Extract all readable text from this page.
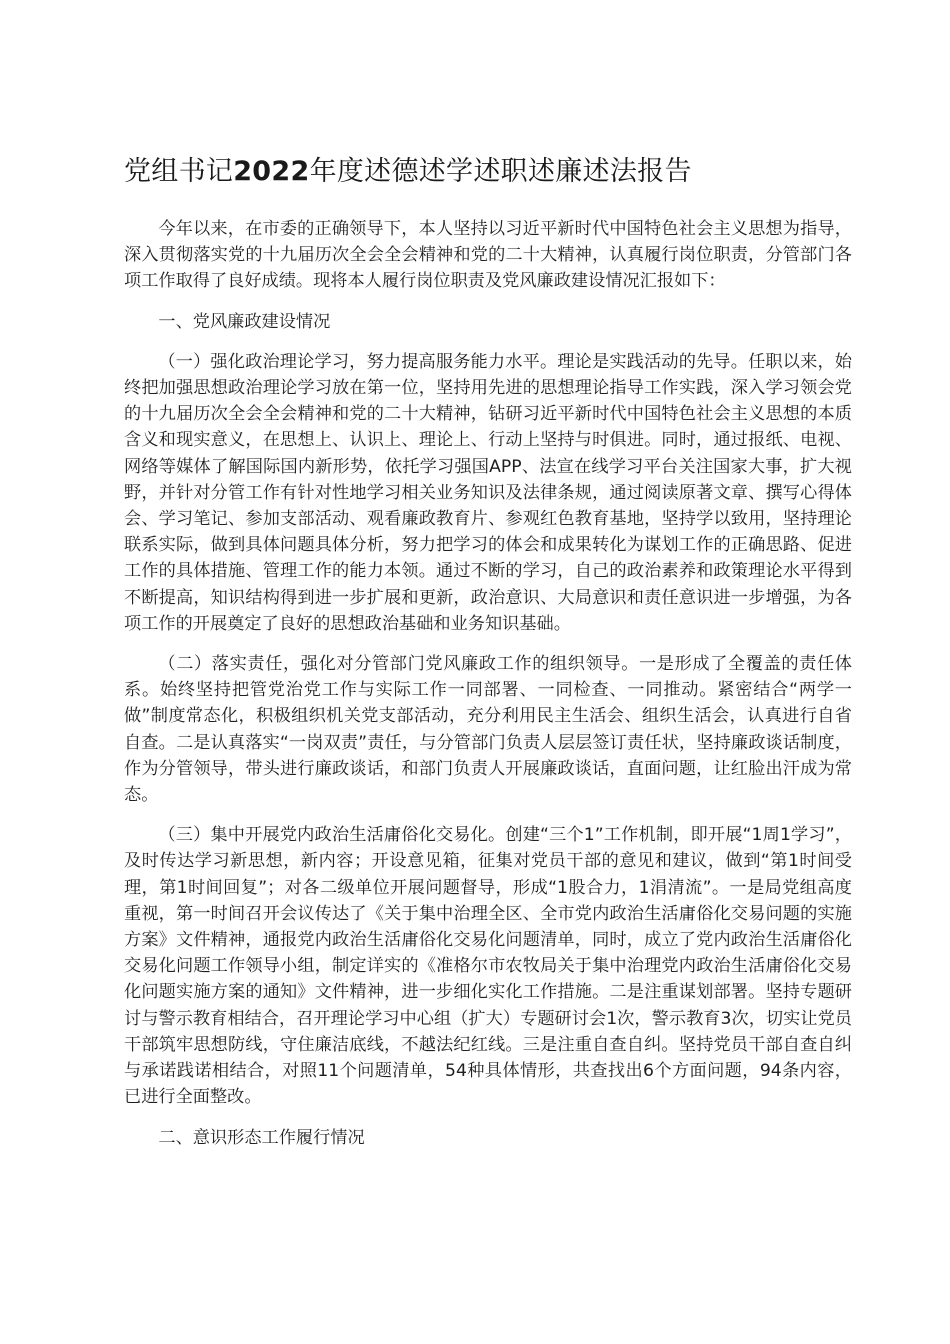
党组书记2022年度述德述学述职述廉述法报告

今年以来，在市委的正确领导下，本人坚持以习近平新时代中国特色社会主义思想为指导，深入贯彻落实党的十九届历次全会全会精神和党的二十大精神，认真履行岗位职责，分管部门各项工作取得了良好成绩。现将本人履行岗位职责及党风廉政建设情况汇报如下：

一、党风廉政建设情况

（一）强化政治理论学习，努力提高服务能力水平。理论是实践活动的先导。任职以来，始终把加强思想政治理论学习放在第一位，坚持用先进的思想理论指导工作实践，深入学习领会党的十九届历次全会全会精神和党的二十大精神，钻研习近平新时代中国特色社会主义思想的本质含义和现实意义，在思想上、认识上、理论上、行动上坚持与时俱进。同时，通过报纸、电视、网络等媒体了解国际国内新形势，依托学习强国APP、法宣在线学习平台关注国家大事，扩大视野，并针对分管工作有针对性地学习相关业务知识及法律条规，通过阅读原著文章、撰写心得体会、学习笔记、参加支部活动、观看廉政教育片、参观红色教育基地，坚持学以致用，坚持理论联系实际，做到具体问题具体分析，努力把学习的体会和成果转化为谋划工作的正确思路、促进工作的具体措施、管理工作的能力本领。通过不断的学习，自己的政治素养和政策理论水平得到不断提高，知识结构得到进一步扩展和更新，政治意识、大局意识和责任意识进一步增强，为各项工作的开展奠定了良好的思想政治基础和业务知识基础。

（二）落实责任，强化对分管部门党风廉政工作的组织领导。一是形成了全覆盖的责任体系。始终坚持把管党治党工作与实际工作一同部署、一同检查、一同推动。紧密结合“两学一做”制度常态化，积极组织机关党支部活动，充分利用民主生活会、组织生活会，认真进行自省自查。二是认真落实“一岗双责”责任，与分管部门负责人层层签订责任状，坚持廉政谈话制度，作为分管领导，带头进行廉政谈话，和部门负责人开展廉政谈话，直面问题，让红脸出汗成为常态。

（三）集中开展党内政治生活庸俗化交易化。创建“三个1”工作机制，即开展“1周1学习”，及时传达学习新思想，新内容；开设意见箱，征集对党员干部的意见和建议，做到“第1时间受理，第1时间回复”；对各二级单位开展问题督导，形成“1股合力，1涓清流”。一是局党组高度重视，第一时间召开会议传达了《关于集中治理全区、全市党内政治生活庸俗化交易问题的实施方案》文件精神，通报党内政治生活庸俗化交易化问题清单，同时，成立了党内政治生活庸俗化交易化问题工作领导小组，制定详实的《准格尔市农牧局关于集中治理党内政治生活庸俗化交易化问题实施方案的通知》文件精神，进一步细化实化工作措施。二是注重谋划部署。坚持专题研讨与警示教育相结合，召开理论学习中心组（扩大）专题研讨会1次，警示教育3次，切实让党员干部筑牢思想防线，守住廉洁底线，不越法纪红线。三是注重自查自纠。坚持党员干部自查自纠与承诺践诺相结合，对照11个问题清单，54种具体情形，共查找出6个方面问题，94条内容，已进行全面整改。

二、意识形态工作履行情况
